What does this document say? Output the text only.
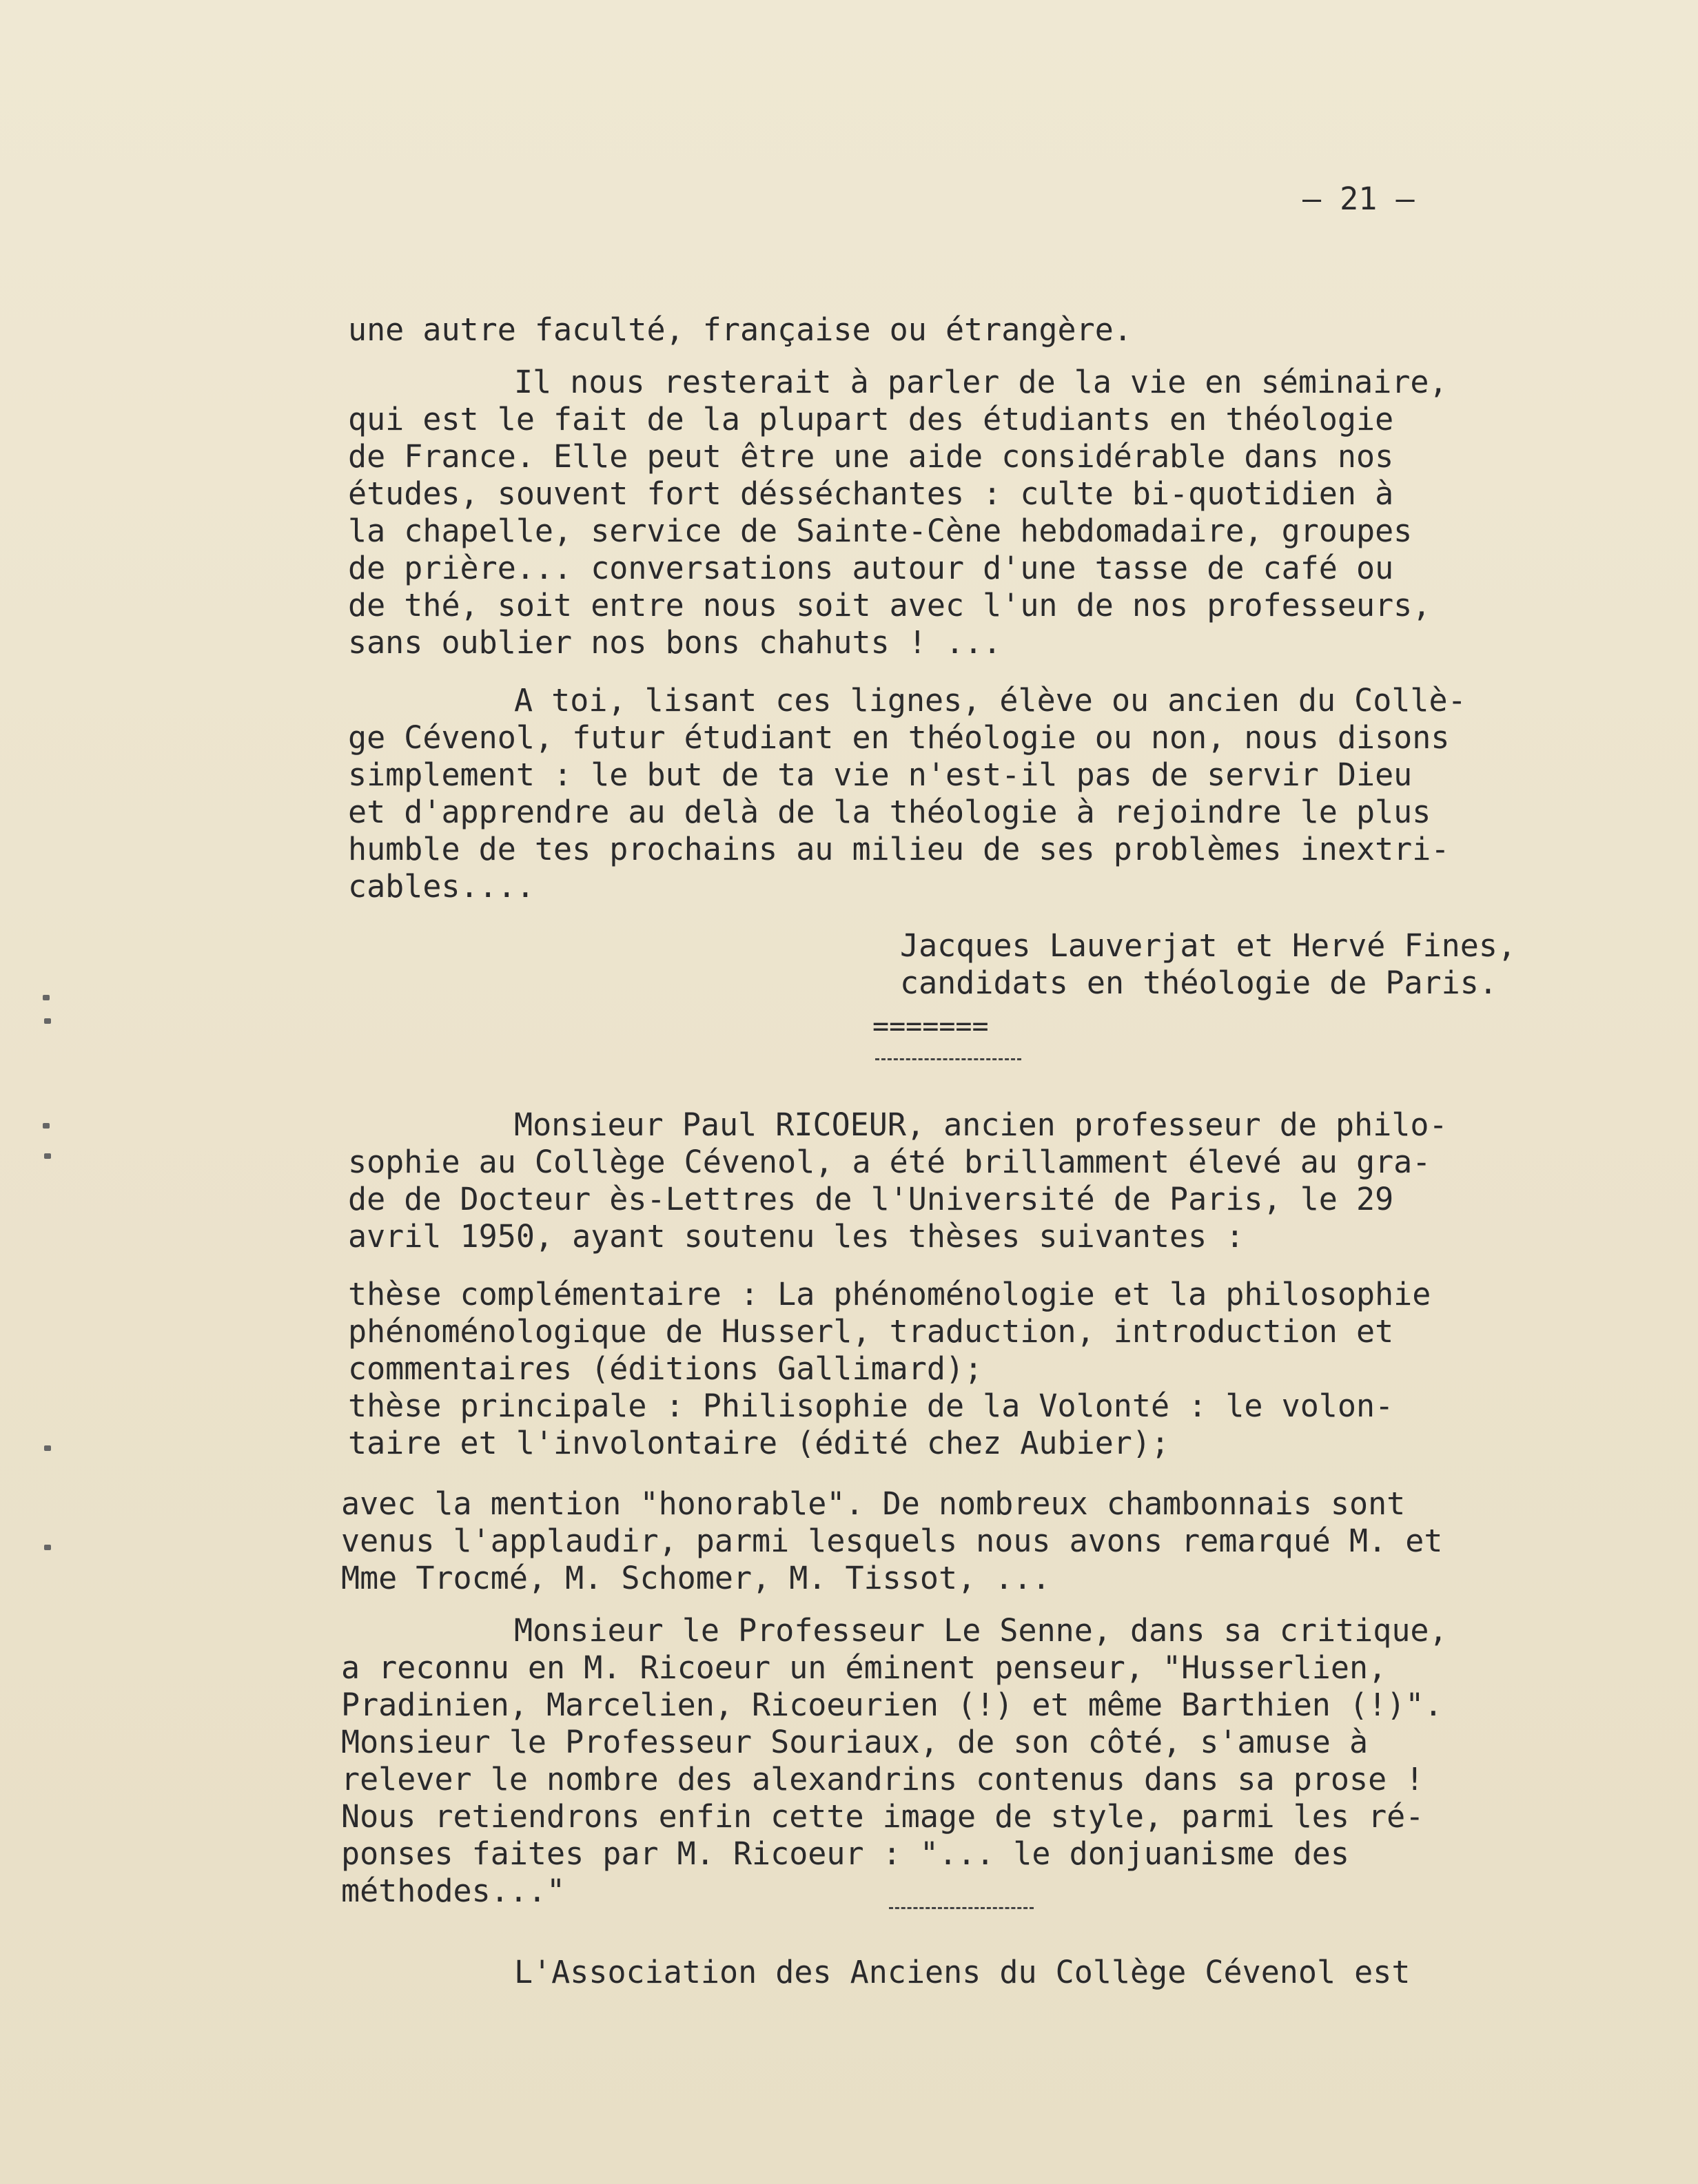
– 21 –
une autre faculté, française ou étrangère.
Il nous resterait à parler de la vie en séminaire,
qui est le fait de la plupart des étudiants en théologie
de France. Elle peut être une aide considérable dans nos
études, souvent fort désséchantes : culte bi-quotidien à
la chapelle, service de Sainte-Cène hebdomadaire, groupes
de prière... conversations autour d'une tasse de café ou
de thé, soit entre nous soit avec l'un de nos professeurs,
sans oublier nos bons chahuts ! ...
A toi, lisant ces lignes, élève ou ancien du Collè-
ge Cévenol, futur étudiant en théologie ou non, nous disons
simplement : le but de ta vie n'est-il pas de servir Dieu
et d'apprendre au delà de la théologie à rejoindre le plus
humble de tes prochains au milieu de ses problèmes inextri-
cables....
Jacques Lauverjat et Hervé Fines,
candidats en théologie de Paris.
=======
Monsieur Paul RICOEUR, ancien professeur de philo-
sophie au Collège Cévenol, a été brillamment élevé au gra-
de de Docteur ès-Lettres de l'Université de Paris, le 29
avril 1950, ayant soutenu les thèses suivantes :
thèse complémentaire : La phénoménologie et la philosophie
phénoménologique de Husserl, traduction, introduction et
commentaires (éditions Gallimard);
thèse principale : Philisophie de la Volonté : le volon-
taire et l'involontaire (édité chez Aubier);
avec la mention "honorable". De nombreux chambonnais sont
venus l'applaudir, parmi lesquels nous avons remarqué M. et
Mme Trocmé, M. Schomer, M. Tissot, ...
Monsieur le Professeur Le Senne, dans sa critique,
a reconnu en M. Ricoeur un éminent penseur, "Husserlien,
Pradinien, Marcelien, Ricoeurien (!) et même Barthien (!)".
Monsieur le Professeur Souriaux, de son côté, s'amuse à
relever le nombre des alexandrins contenus dans sa prose !
Nous retiendrons enfin cette image de style, parmi les ré-
ponses faites par M. Ricoeur : "... le donjuanisme des
méthodes..."
L'Association des Anciens du Collège Cévenol est
